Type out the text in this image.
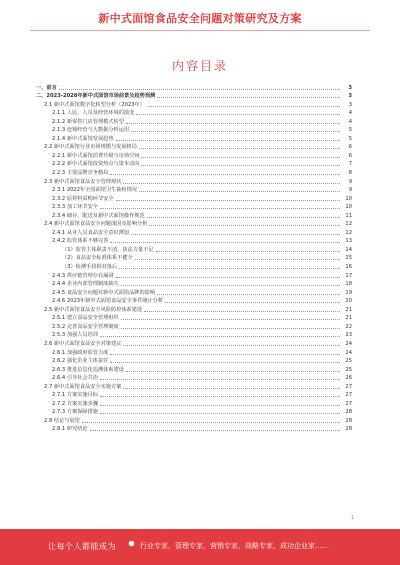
新中式面馆食品安全问题对策研究及方案
内容目录
一、前言	3
二、2023-2028年新中式面馆市场前景及趋势预测	3
2.1 新中式面馆数字化转型分析（2023年）	3
2.1.1 人民、人员及经营环境的演变	4
2.1.2 新零售门店管理模式转型	4
2.1.3 连锁经营与大数据分析运用	5
2.1.4 新中式面馆发展趋势	5
2.2 新中式面馆行业市场规模与发展格局	6
2.2.1 新中式面馆消费升级与市场空间	6
2.2.2 新中式面馆投资热点与资本动向	7
2.2.3 主要品牌竞争格局	8
2.3 新中式面馆食品安全管理现状	9
2.3.1 2022年全国面馆卫生抽检情况	9
2.3.2 原材料采购环节安全	10
2.3.3 加工环节安全	10
2.3.4 储存、配送及新中式面馆操作规范	11
2.4 新中式面馆食品安全问题成因及影响分析	12
2.4.1 从业人员食品安全意识薄弱	12
2.4.2 监管体系不够完善	13
（1）监管主体职责不清，执法力量不足	14
（2）食品安全标准体系不健全	15
（3）检测手段相对落后	16
2.4.3 供应链管理存在漏洞	17
2.4.4 企业内部管理制度缺失	18
2.4.5 食品安全问题对新中式面馆品牌的影响	19
2.4.6 2023年新中式面馆食品安全事件统计分析	20
2.5 新中式面馆食品安全风险防控体系建设	21
2.5.1 建立食品安全管理组织	21
2.5.2 完善食品安全管理制度	22
2.5.3 加强人员培训	23
2.6 新中式面馆食品安全对策建议	24
2.6.1 加强政府监管力度	24
2.6.2 强化企业主体责任	25
2.6.3 推进信息化追溯体系建设	25
2.6.4 引导社会共治	26
2.7 新中式面馆食品安全实施方案	27
2.7.1 方案实施目标	27
2.7.2 方案实施步骤	27
2.7.3 方案保障措施	28
2.8 结论与展望	28
2.8.1 研究结论	28
1
让每个人都能成为	行业专家，管理专家，营销专家，战略专家，成功企业家……
